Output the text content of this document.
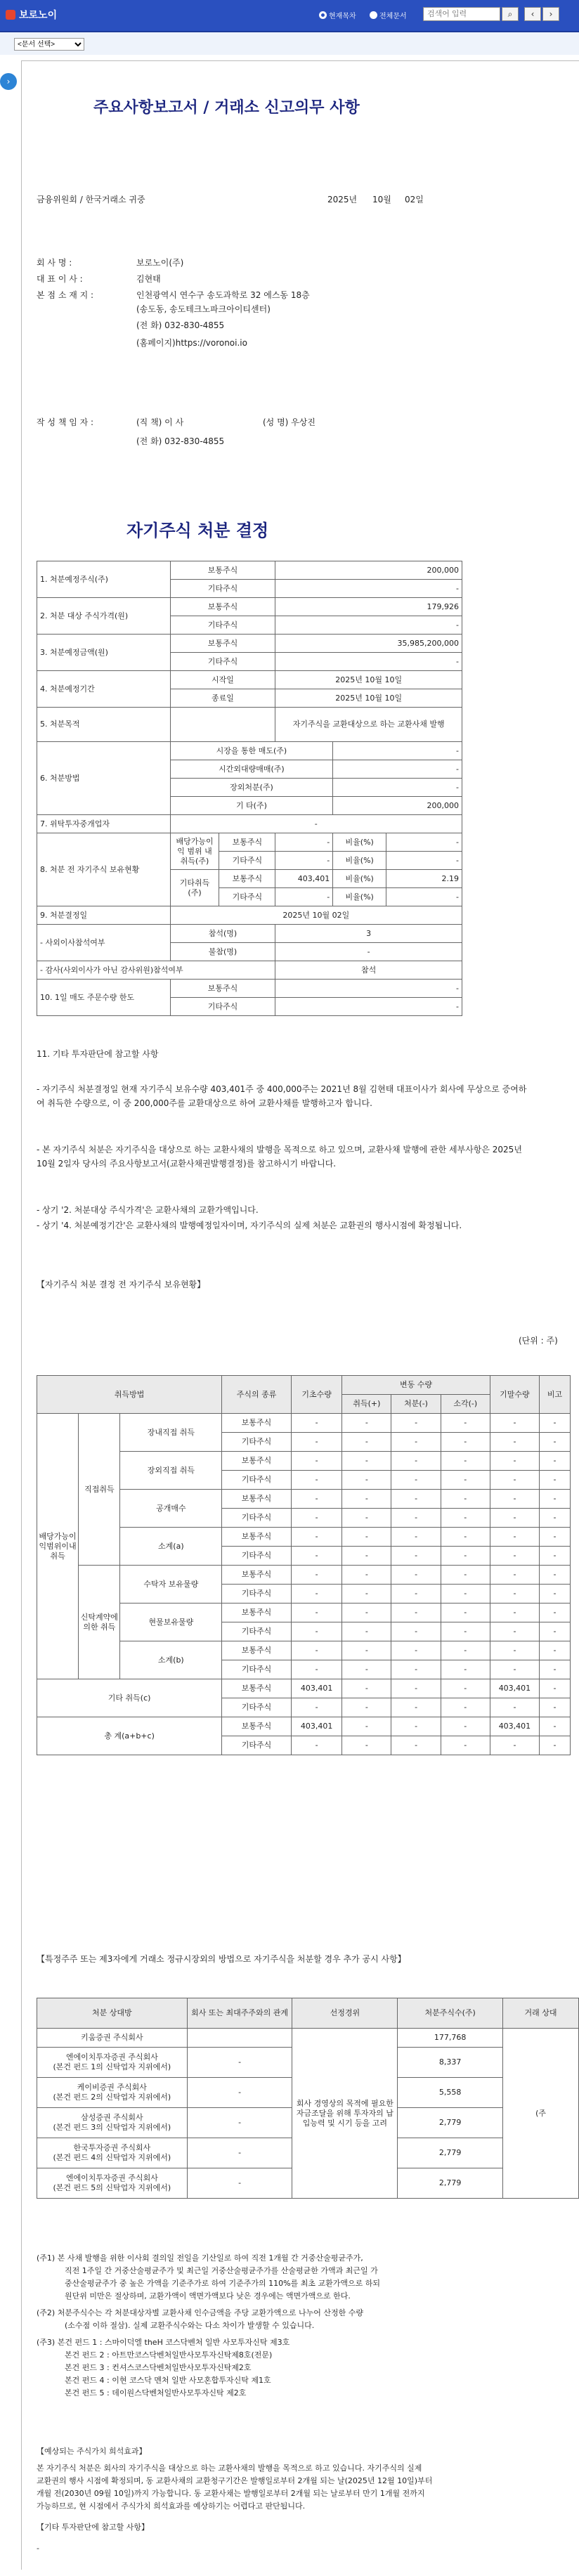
보로노이	현재목차	전체문서
검색어 입력	⌕	‹	›
<문서 선택>
›
주요사항보고서 / 거래소 신고의무 사항
금융위원회 / 한국거래소 귀중	2025년 10월 02일
회 사 명 :	보로노이(주)
대 표 이 사 :	김현태
본 점 소 재 지 :	인천광역시 연수구 송도과학로 32 에스동 18층
(송도동, 송도테크노파크아이티센터)
(전 화) 032-830-4855
(홈페이지)https://voronoi.io
작 성 책 임 자 :	(직 책) 이 사	(성 명) 우상진
(전 화) 032-830-4855
자기주식 처분 결정
1. 처분예정주식(주)	보통주식		200,000		
	기타주식		-		
2. 처분 대상 주식가격(원)	보통주식		179,926		
	기타주식		-		
3. 처분예정금액(원)	보통주식		35,985,200,000		
	기타주식		-		
4. 처분예정기간	시작일		2025년 10월 10일		
	종료일		2025년 10월 10일		
5. 처분목적			자기주식을 교환대상으로 하는 교환사채 발행		
6. 처분방법	시장을 통한 매도(주)			-	
	시간외대량매매(주)			-	
	장외처분(주)			-	
	기 타(주)			200,000	
7. 위탁투자중개업자	-				
8. 처분 전 자기주식 보유현황	배당가능이익 범위 내 취득(주)	보통주식	-	비율(%)	-
		기타주식	-	비율(%)	-
	기타취득(주)	보통주식	403,401	비율(%)	2.19
		기타주식	-	비율(%)	-
9. 처분결정일	2025년 10월 02일				
- 사외이사참석여부	참석(명)		3		
	불참(명)		-		
- 감사(사외이사가 아닌 감사위원)참석여부			참석		
10. 1일 매도 주문수량 한도	보통주식		-		
	기타주식		-		
11. 기타 투자판단에 참고할 사항
- 자기주식 처분결정일 현재 자기주식 보유수량 403,401주 중 400,000주는 2021년 8월 김현태 대표이사가 회사에 무상으로 증여하여 취득한 수량으로, 이 중 200,000주를 교환대상으로 하여 교환사채를 발행하고자 합니다.
- 본 자기주식 처분은 자기주식을 대상으로 하는 교환사채의 발행을 목적으로 하고 있으며, 교환사채 발행에 관한 세부사항은 2025년 10월 2일자 당사의 주요사항보고서(교환사채권발행결정)를 참고하시기 바랍니다.
- 상기 '2. 처분대상 주식가격'은 교환사채의 교환가액입니다.
- 상기 '4. 처분예정기간'은 교환사채의 발행예정일자이며, 자기주식의 실제 처분은 교환권의 행사시점에 확정됩니다.
【자기주식 처분 결정 전 자기주식 보유현황】
(단위 : 주)
취득방법			주식의 종류	기초수량	변동 수량			기말수량	비고
					취득(+)	처분(-)	소각(-)		
배당가능이익범위이내취득	직접취득	장내직접 취득	보통주식	-	-	-	-	-	-
			기타주식	-	-	-	-	-	-
		장외직접 취득	보통주식	-	-	-	-	-	-
			기타주식	-	-	-	-	-	-
		공개매수	보통주식	-	-	-	-	-	-
			기타주식	-	-	-	-	-	-
		소계(a)	보통주식	-	-	-	-	-	-
			기타주식	-	-	-	-	-	-
	신탁계약에 의한 취득	수탁자 보유물량	보통주식	-	-	-	-	-	-
			기타주식	-	-	-	-	-	-
		현물보유물량	보통주식	-	-	-	-	-	-
			기타주식	-	-	-	-	-	-
		소계(b)	보통주식	-	-	-	-	-	-
			기타주식	-	-	-	-	-	-
기타 취득(c)			보통주식	403,401	-	-	-	403,401	-
			기타주식	-	-	-	-	-	-
총 계(a+b+c)			보통주식	403,401	-	-	-	403,401	-
			기타주식	-	-	-	-	-	-
【특정주주 또는 제3자에게 거래소 정규시장외의 방법으로 자기주식을 처분할 경우 추가 공시 사항】
처분 상대방	회사 또는 최대주주와의 관계	선정경위	처분주식수(주)	거래 상대
키움증권 주식회사		회사 경영상의 목적에 필요한 자금조달을 위해 투자자의 납입능력 및 시기 등을 고려	177,768	(주
엔에이치투자증권 주식회사
(본건 펀드 1의 신탁업자 지위에서)	-		8,337	
케이비증권 주식회사
(본건 펀드 2의 신탁업자 지위에서)	-		5,558	
삼성증권 주식회사
(본건 펀드 3의 신탁업자 지위에서)	-		2,779	
한국투자증권 주식회사
(본건 펀드 4의 신탁업자 지위에서)	-		2,779	
엔에이치투자증권 주식회사
(본건 펀드 5의 신탁업자 지위에서)	-		2,779	
(주1) 본 사채 발행을 위한 이사회 결의일 전일을 기산일로 하여 직전 1개월 간 거중산술평균주가,
직전 1주일 간 거중산술평균주가 및 최근일 거중산술평균주가를 산술평균한 가액과 최근일 가
중산술평균주가 중 높은 가액을 기준주가로 하여 기준주가의 110%를 최초 교환가액으로 하되
원단위 미만은 절상하며, 교환가액이 액면가액보다 낮은 경우에는 액면가액으로 한다.
(주2) 처분주식수는 각 처분대상자별 교환사채 인수금액을 주당 교환가액으로 나누어 산정한 수량
(소수점 이하 절삼). 실제 교환주식수와는 다소 차이가 발생할 수 있습니다.
(주3) 본건 펀드 1 : 스마이덕엘 theH 코스닥벤처 일반 사모투자신탁 제3호
본건 펀드 2 : 아트만코스닥벤처일반사모투자신탁제8호(전문)
본건 펀드 3 : 컨셔스코스닥벤처일반사모투자신탁제2호
본건 펀드 4 : 이현 코스닥 멘처 일반 사모혼합투자신탁 제1호
본건 펀드 5 : 데이원스닥벤처일반사모투자신탁 제2호
【예상되는 주식가치 희석효과】
본 자기주식 처분은 회사의 자기주식을 대상으로 하는 교환사채의 발행을 목적으로 하고 있습니다. 자기주식의 실제
교환권의 행사 시점에 확정되며, 동 교환사채의 교환청구기간은 발행일로부터 2개월 되는 날(2025년 12월 10일)부터
개월 전(2030년 09월 10일)까지 가능합니다. 동 교환사채는 발행일로부터 2개월 되는 날로부터 만기 1개월 전까지
가능하므로, 현 시점에서 주식가치 희석효과를 예상하기는 어렵다고 판단됩니다.
【기타 투자판단에 참고할 사항】
-
